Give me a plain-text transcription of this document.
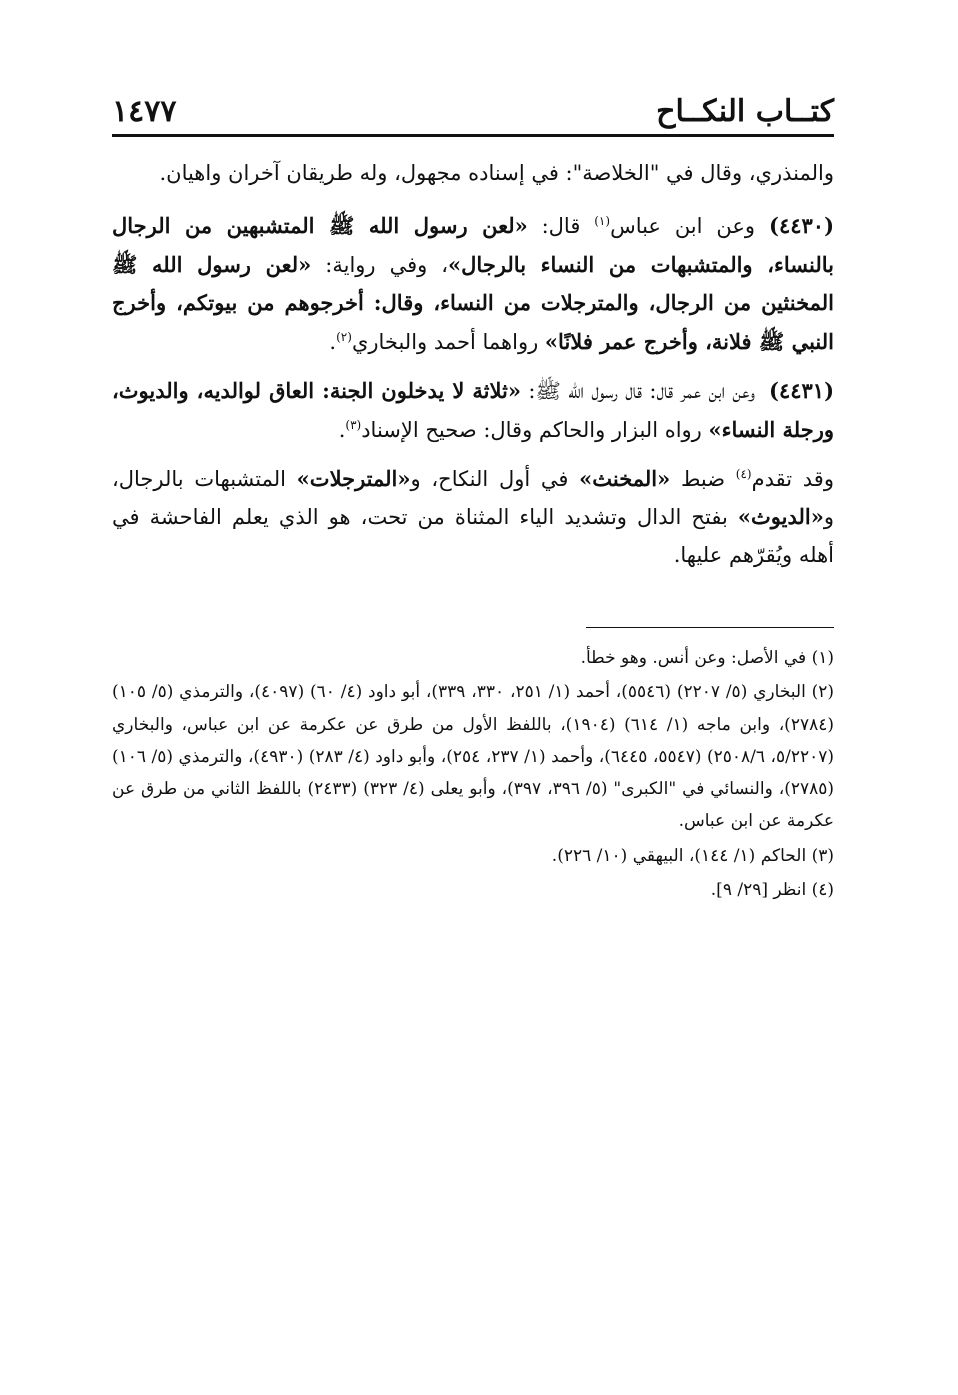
كتــاب النكــاح
١٤٧٧

والمنذري، وقال في "الخلاصة": في إسناده مجهول، وله طريقان آخران واهيان.

(٤٤٣٠)وعن ابن عباس$^{(١)}$ قال: «لعن رسول الله ﷺ المتشبهين من الرجال بالنساء، والمتشبهات من النساء بالرجال»، وفي رواية: «لعن رسول الله ﷺ المخنثين من الرجال، والمترجلات من النساء، وقال: أخرجوهم من بيوتكم، وأخرج النبي ﷺ فلانة، وأخرج عمر فلانًا» رواهما أحمد والبخاري$^{(٢)}$.

(٤٤٣١)وعن ابن عمر قال: قال رسول الله ﷺ: «ثلاثة لا يدخلون الجنة: العاق لوالديه، والديوث، ورجلة النساء» رواه البزار والحاكم وقال: صحيح الإسناد$^{(٣)}$.

وقد تقدم$^{(٤)}$ ضبط «المخنث» في أول النكاح، و«المترجلات» المتشبهات بالرجال، و«الديوث» بفتح الدال وتشديد الياء المثناة من تحت، هو الذي يعلم الفاحشة في أهله ويُقرّهم عليها.

(١) في الأصل: وعن أنس. وهو خطأ.

(٢) البخاري (٥/ ٢٢٠٧) (٥٥٤٦)، أحمد (١/ ٢٥١، ٣٣٠، ٣٣٩)، أبو داود (٤/ ٦٠) (٤٠٩٧)، والترمذي (٥/ ١٠٥) (٢٧٨٤)، وابن ماجه (١/ ٦١٤) (١٩٠٤)، باللفظ الأول من طرق عن عكرمة عن ابن عباس، والبخاري (٥/٢٢٠٧، ٢٥٠٨/٦) (٥٥٤٧، ٦٤٤٥)، وأحمد (١/ ٢٣٧، ٢٥٤)، وأبو داود (٤/ ٢٨٣) (٤٩٣٠)، والترمذي (٥/ ١٠٦) (٢٧٨٥)، والنسائي في "الكبرى" (٥/ ٣٩٦، ٣٩٧)، وأبو يعلى (٤/ ٣٢٣) (٢٤٣٣) باللفظ الثاني من طرق عن عكرمة عن ابن عباس.

(٣) الحاكم (١/ ١٤٤)، البيهقي (١٠/ ٢٢٦).

(٤) انظر [٢٩/ ٩].
